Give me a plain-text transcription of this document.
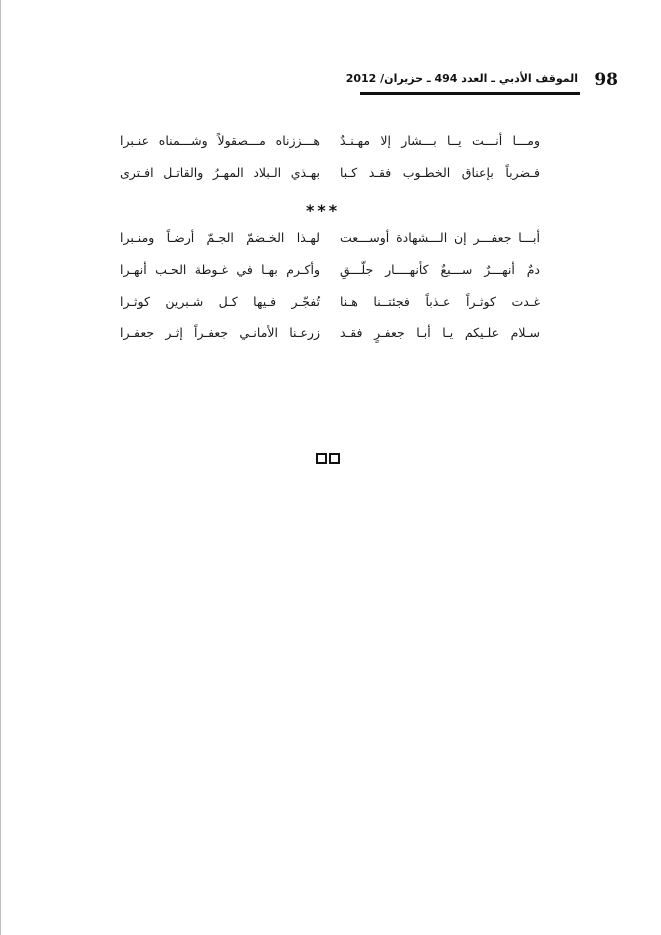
الموقف الأدبي ـ العدد 494 ـ حزيران/ 2012 98
ومـــا أنـــت يــا بـــشار إلا مهـنـدٌ
هـــززناه مـــصقولاً وشـــمناه عنـبرا
فـضرباً بإعناق الخطـوب فقـد كـبا
بهـذي الـبلاد المهـرُ والقاتـل افـترى
***
أبـــا جعفـــر إن الـــشهادة أوســـعت
لهـذا الخـضمّ الجـمّ أرضـاً ومنـبرا
دمٌ أنهـــرٌ ســـبعٌ كأنهــــار جلّـــقِ
وأكـرم بهـا في غـوطة الحـب أنهـرا
غـدت كوثـراً عـذباً فجئتــنا هـنا
تُفجّـر فـيها كـل شـبرين كوثـرا
سـلام علـيكم يـا أبـا جعفـرٍ فقـد
زرعـنا الأمانـي جعفـراً إثـر جعفـرا
